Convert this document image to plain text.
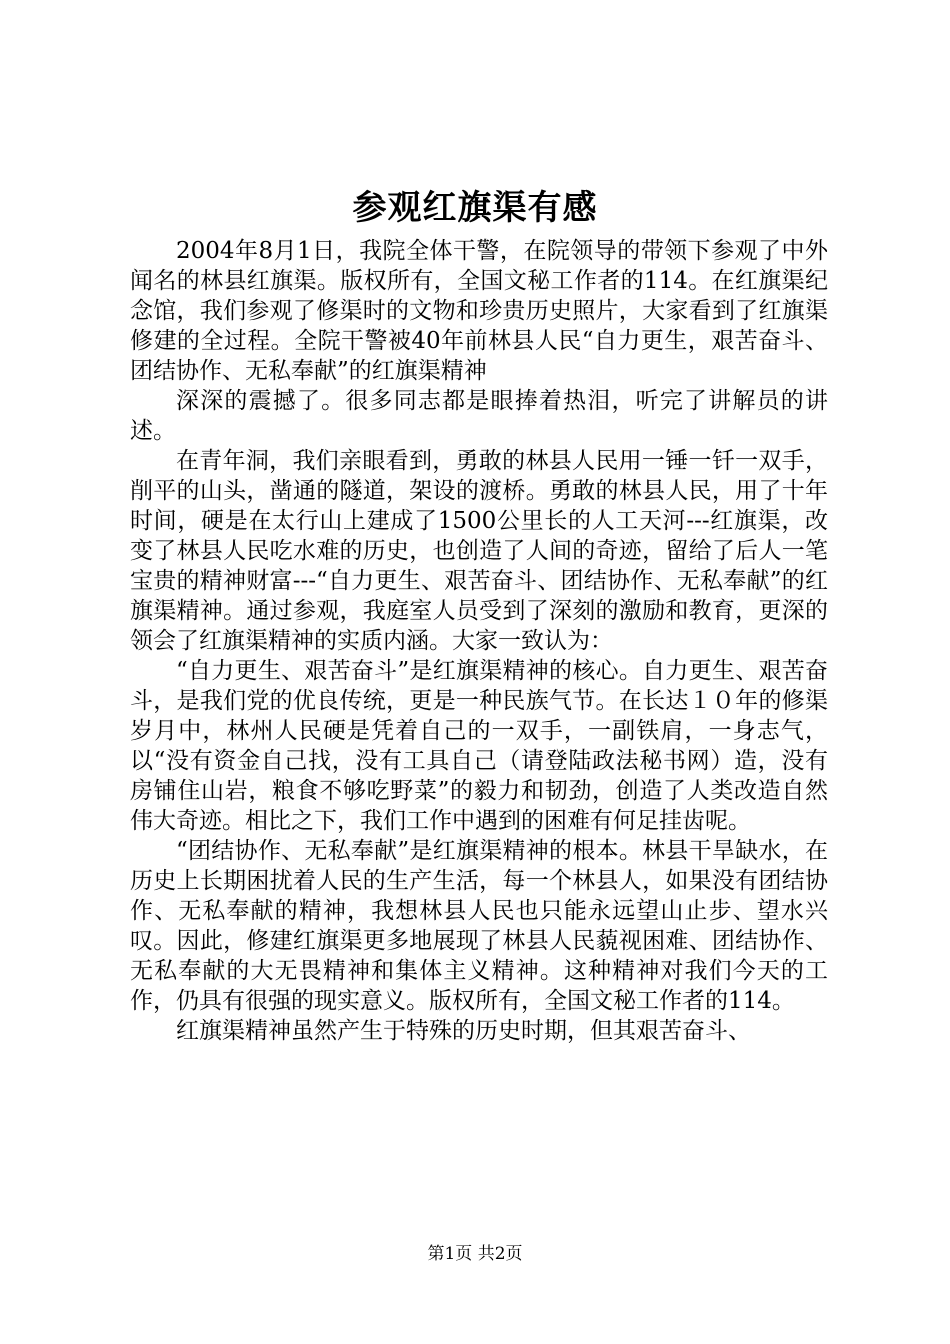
参观红旗渠有感

2004年8月1日，我院全体干警，在院领导的带领下参观了中外闻名的林县红旗渠。版权所有，全国文秘工作者的114。在红旗渠纪念馆，我们参观了修渠时的文物和珍贵历史照片，大家看到了红旗渠修建的全过程。全院干警被40年前林县人民“自力更生，艰苦奋斗、团结协作、无私奉献”的红旗渠精神

深深的震撼了。很多同志都是眼捧着热泪，听完了讲解员的讲述。

在青年洞，我们亲眼看到，勇敢的林县人民用一锤一钎一双手，削平的山头，凿通的隧道，架设的渡桥。勇敢的林县人民，用了十年时间，硬是在太行山上建成了1500公里长的人工天河---红旗渠，改变了林县人民吃水难的历史，也创造了人间的奇迹，留给了后人一笔宝贵的精神财富---“自力更生、艰苦奋斗、团结协作、无私奉献”的红旗渠精神。通过参观，我庭室人员受到了深刻的激励和教育，更深的领会了红旗渠精神的实质内涵。大家一致认为：

“自力更生、艰苦奋斗”是红旗渠精神的核心。自力更生、艰苦奋斗，是我们党的优良传统，更是一种民族气节。在长达１０年的修渠岁月中，林州人民硬是凭着自己的一双手，一副铁肩，一身志气，以“没有资金自己找，没有工具自己（请登陆政法秘书网）造，没有房铺住山岩，粮食不够吃野菜”的毅力和韧劲，创造了人类改造自然伟大奇迹。相比之下，我们工作中遇到的困难有何足挂齿呢。

“团结协作、无私奉献”是红旗渠精神的根本。林县干旱缺水，在历史上长期困扰着人民的生产生活，每一个林县人，如果没有团结协作、无私奉献的精神，我想林县人民也只能永远望山止步、望水兴叹。因此，修建红旗渠更多地展现了林县人民藐视困难、团结协作、无私奉献的大无畏精神和集体主义精神。这种精神对我们今天的工作，仍具有很强的现实意义。版权所有，全国文秘工作者的114。

红旗渠精神虽然产生于特殊的历史时期，但其艰苦奋斗、

第1页 共2页
